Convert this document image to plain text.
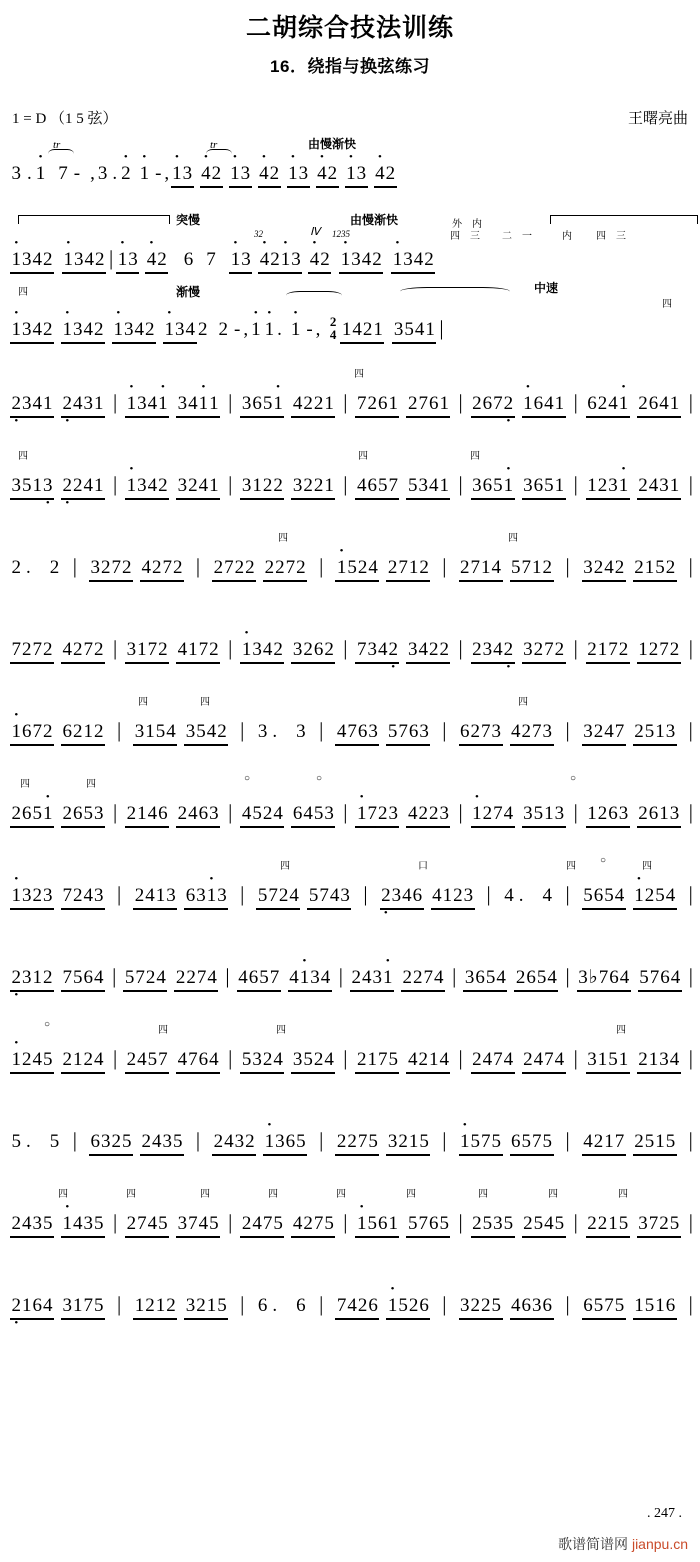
二胡综合技法训练
16．绕指与换弦练习
1 = D （1 5 弦）	王曙亮曲
由慢渐快
tr	tr
3 . • 1 7 - , 3 . • 2 • 1 - , • 13 • 42 • 13 • 42 • 13 • 42 • 13 • 42
突慢	由慢渐快	外 内
四 三 二 一	内 四 三
Ⅳ
32	1235
• 1342 • 1342 | • 13 • 42 6 7 • 13 • 42• 13 • 42 • 1342 • 1342
四	渐慢	中速
四
• 1342 • 1342 • 1342 • 134 2 2 - , • 1 • 1 . • 1 - , 2
4 1421 3541 |
四
2 •341 2 •431 | • 134• 1 34• 11 | 365• 1 4221 | 7261 2761 | 2672 • • 1641 | 624• 1 2641 |
四	四	四
3513 • 2 •241 | • 1342 3241 | 3122 3221 | 4657 5341 | 365• 1 3651 | 123• 1 2431 |
四	四
2 . 2 | 3272 4272 | 2722 2272 | • 1524 2712 | 2714 5712 | 3242 2152 |
7272 4272 | 3172 4172 | • 1342 3262 | 7342 • 3422 | 2342 • 3272 | 2172 1272 |
四	四	四
• 1672 6212 | 3154 3542 | 3 . 3 | 4763 5763 | 6273 4273 | 3247 2513 |
四	四
○	○	○
265• 1 2653 | 2146 2463 | 4524 6453 | • 1723 4223 | • 1274 3513 | 1263 2613 |
四	口	四
○
四
• 1323 7243 | 2413 63• 13 | 5724 5743 | 2 •346 4123 | 4 . 4 | 5654 • 1254 |
2 •312 7564 | 5724 2274 | 4657 4• 134 | 243• 1 2274 | 3654 2654 | 3♭764 5764 |
○
四	四	四
• 1245 2124 | 2457 4764 | 5324 3524 | 2175 4214 | 2474 2474 | 3151 2134 |
5 . 5 | 6325 2435 | 2432 • 1365 | 2275 3215 | • 1575 6575 | 4217 2515 |
四	四	四	四	四	四	四	四	四
2435 • 1435 | 2745 3745 | 2475 4275 | • 1561 5765 | 2535 2545 | 2215 3725 |
2 •164 3175 | 1212 3215 | 6 . 6 | 7426 • 1526 | 3225 4636 | 6575 1516 |
. 247 .
歌谱简谱网 jianpu.cn
